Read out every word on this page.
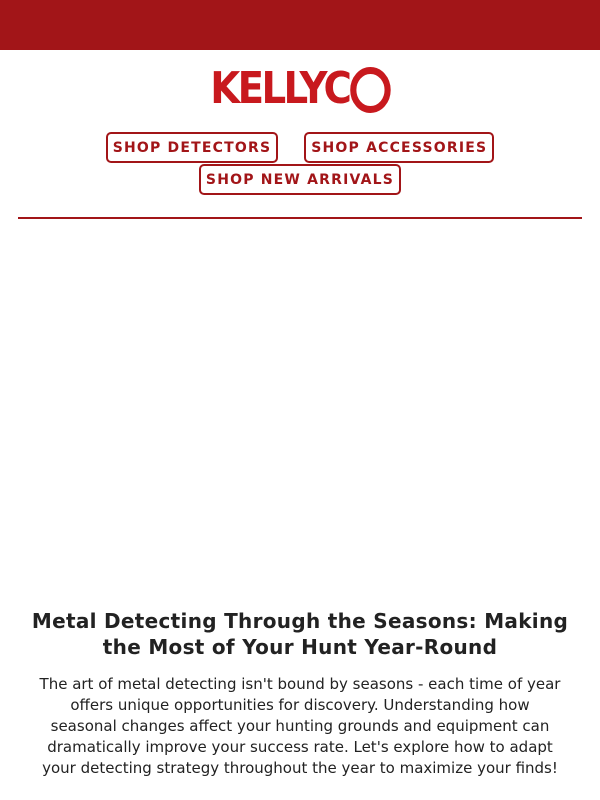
KELLYC
SHOP DETECTORS	SHOP ACCESSORIES
SHOP NEW ARRIVALS
Metal Detecting Through the Seasons: Making the Most of Your Hunt Year-Round

The art of metal detecting isn't bound by seasons - each time of year offers unique opportunities for discovery. Understanding how seasonal changes affect your hunting grounds and equipment can dramatically improve your success rate. Let's explore how to adapt your detecting strategy throughout the year to maximize your finds!
